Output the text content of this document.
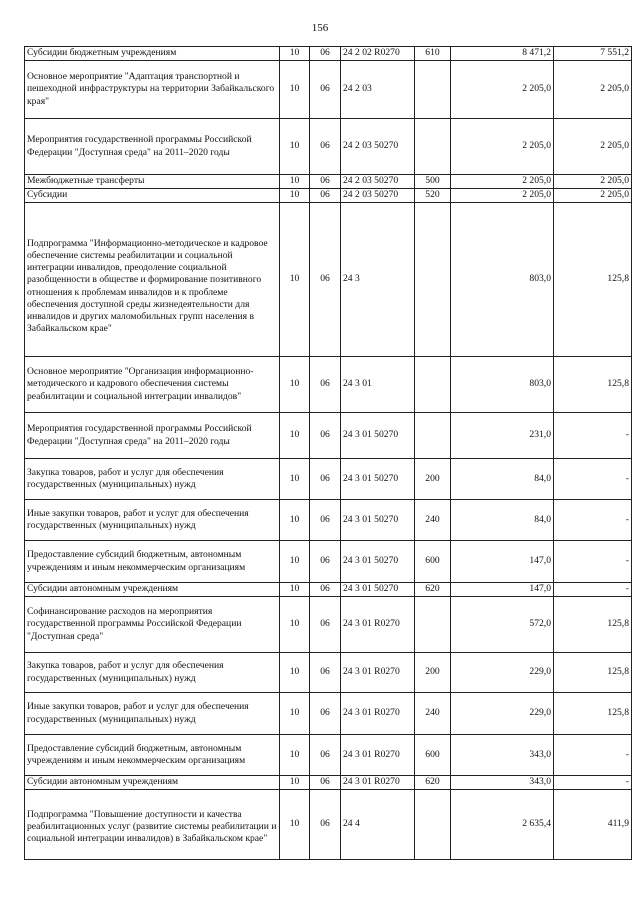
156
Субсидии бюджетным учреждениям	10	06	24 2 02 R0270	610	8 471,2	7 551,2
Основное мероприятие "Адаптация транспортной и пешеходной инфраструктуры на территории Забайкальского края"	10	06	24 2 03		2 205,0	2 205,0
Мероприятия государственной программы Российской Федерации "Доступная среда" на 2011–2020 годы	10	06	24 2 03 50270		2 205,0	2 205,0
Межбюджетные трансферты	10	06	24 2 03 50270	500	2 205,0	2 205,0
Субсидии	10	06	24 2 03 50270	520	2 205,0	2 205,0
Подпрограмма "Информационно-методическое и кадровое обеспечение системы реабилитации и социальной интеграции инвалидов, преодоление социальной разобщенности в обществе и формирование позитивного отношения к проблемам инвалидов и к проблеме обеспечения доступной среды жизнедеятельности для инвалидов и других маломобильных групп населения в Забайкальском крае"	10	06	24 3		803,0	125,8
Основное мероприятие "Организация информационно-методического и кадрового обеспечения системы реабилитации и социальной интеграции инвалидов"	10	06	24 3 01		803,0	125,8
Мероприятия государственной программы Российской Федерации "Доступная среда" на 2011–2020 годы	10	06	24 3 01 50270		231,0	-
Закупка товаров, работ и услуг для обеспечения государственных (муниципальных) нужд	10	06	24 3 01 50270	200	84,0	-
Иные закупки товаров, работ и услуг для обеспечения государственных (муниципальных) нужд	10	06	24 3 01 50270	240	84,0	-
Предоставление субсидий бюджетным, автономным учреждениям и иным некоммерческим организациям	10	06	24 3 01 50270	600	147,0	-
Субсидии автономным учреждениям	10	06	24 3 01 50270	620	147,0	-
Софинансирование расходов на мероприятия государственной программы Российской Федерации "Доступная среда"	10	06	24 3 01 R0270		572,0	125,8
Закупка товаров, работ и услуг для обеспечения государственных (муниципальных) нужд	10	06	24 3 01 R0270	200	229,0	125,8
Иные закупки товаров, работ и услуг для обеспечения государственных (муниципальных) нужд	10	06	24 3 01 R0270	240	229,0	125,8
Предоставление субсидий бюджетным, автономным учреждениям и иным некоммерческим организациям	10	06	24 3 01 R0270	600	343,0	-
Субсидии автономным учреждениям	10	06	24 3 01 R0270	620	343,0	-
Подпрограмма "Повышение доступности и качества реабилитационных услуг (развитие системы реабилитации и социальной интеграции инвалидов) в Забайкальском крае"	10	06	24 4		2 635,4	411,9
